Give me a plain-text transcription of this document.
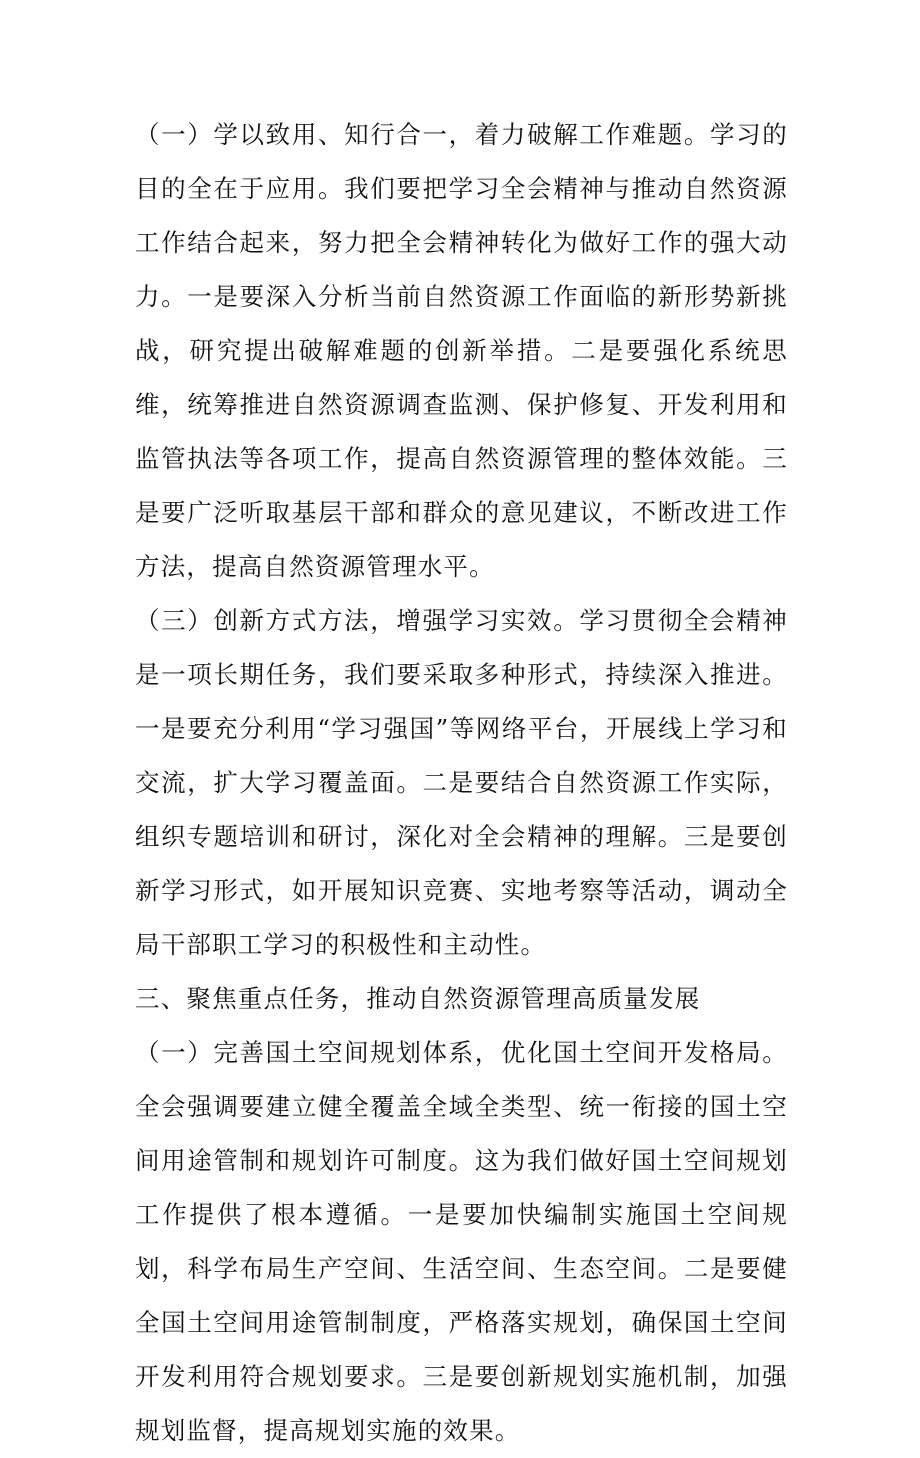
（一）学以致用、知行合一，着力破解工作难题。学习的目的全在于应用。我们要把学习全会精神与推动自然资源工作结合起来，努力把全会精神转化为做好工作的强大动力。一是要深入分析当前自然资源工作面临的新形势新挑战，研究提出破解难题的创新举措。二是要强化系统思维，统筹推进自然资源调查监测、保护修复、开发利用和监管执法等各项工作，提高自然资源管理的整体效能。三是要广泛听取基层干部和群众的意见建议，不断改进工作方法，提高自然资源管理水平。

（三）创新方式方法，增强学习实效。学习贯彻全会精神是一项长期任务，我们要采取多种形式，持续深入推进。一是要充分利用“学习强国”等网络平台，开展线上学习和交流，扩大学习覆盖面。二是要结合自然资源工作实际，组织专题培训和研讨，深化对全会精神的理解。三是要创新学习形式，如开展知识竞赛、实地考察等活动，调动全局干部职工学习的积极性和主动性。

三、聚焦重点任务，推动自然资源管理高质量发展

（一）完善国土空间规划体系，优化国土空间开发格局。全会强调要建立健全覆盖全域全类型、统一衔接的国土空间用途管制和规划许可制度。这为我们做好国土空间规划工作提供了根本遵循。一是要加快编制实施国土空间规划，科学布局生产空间、生活空间、生态空间。二是要健全国土空间用途管制制度，严格落实规划，确保国土空间开发利用符合规划要求。三是要创新规划实施机制，加强规划监督，提高规划实施的效果。
